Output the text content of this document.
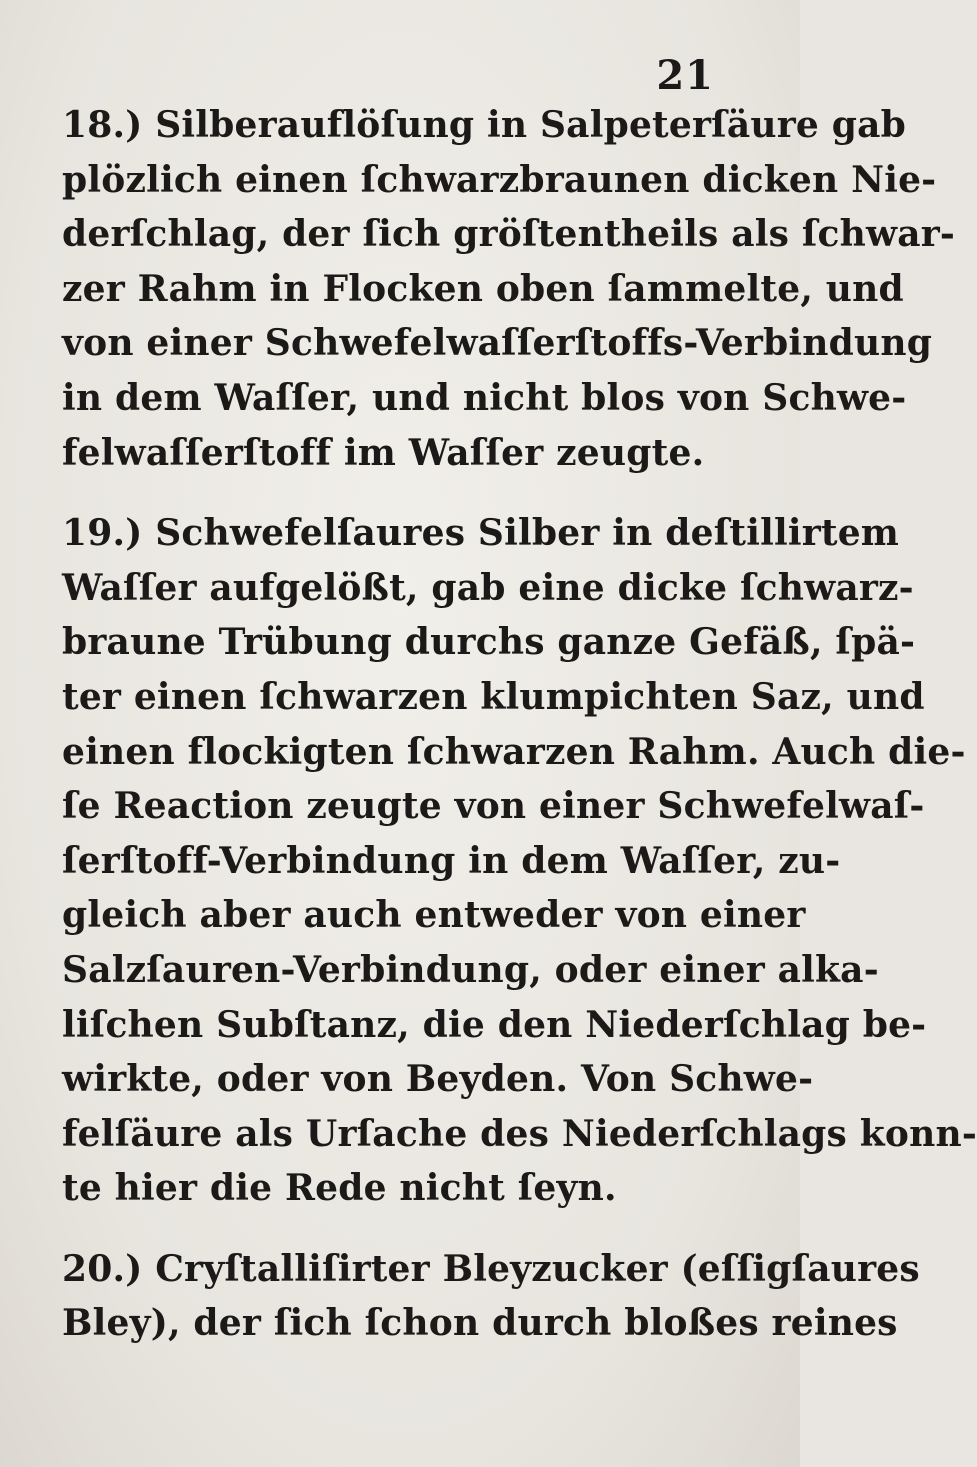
21
18.) Silberauflöſung in Salpeterſäure gab
plözlich einen ſchwarzbraunen dicken Nie-
derſchlag, der ſich gröſtentheils als ſchwar-
zer Rahm in Flocken oben ſammelte, und
von einer Schwefelwaſſerſtoffs-Verbindung
in dem Waſſer, und nicht blos von Schwe-
felwaſſerſtoff im Waſſer zeugte.
19.) Schwefelſaures Silber in deſtillirtem
Waſſer aufgelößt, gab eine dicke ſchwarz-
braune Trübung durchs ganze Gefäß, ſpä-
ter einen ſchwarzen klumpichten Saz, und
einen flockigten ſchwarzen Rahm. Auch die-
ſe Reaction zeugte von einer Schwefelwaſ-
ſerſtoff-Verbindung in dem Waſſer, zu-
gleich aber auch entweder von einer
Salzſauren-Verbindung, oder einer alka-
liſchen Subſtanz, die den Niederſchlag be-
wirkte, oder von Beyden. Von Schwe-
felſäure als Urſache des Niederſchlags konn-
te hier die Rede nicht ſeyn.
20.) Cryſtalliſirter Bleyzucker (eſſigſaures
Bley), der ſich ſchon durch bloßes reines
